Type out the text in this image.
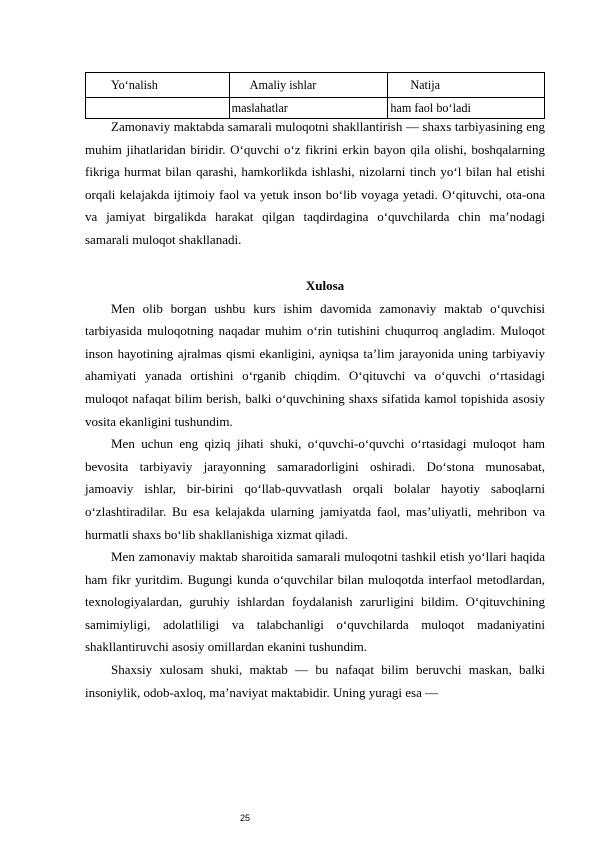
Yo‘nalish	Amaliy ishlar	Natija
	maslahatlar	ham faol bo‘ladi

Zamonaviy maktabda samarali muloqotni shakllantirish — shaxs tarbiyasining eng muhim jihatlaridan biridir. O‘quvchi o‘z fikrini erkin bayon qila olishi, boshqalarning fikriga hurmat bilan qarashi, hamkorlikda ishlashi, nizolarni tinch yo‘l bilan hal etishi orqali kelajakda ijtimoiy faol va yetuk inson bo‘lib voyaga yetadi. O‘qituvchi, ota-ona va jamiyat birgalikda harakat qilgan taqdirdagina o‘quvchilarda chin ma’nodagi samarali muloqot shakllanadi.

Xulosa

Men olib borgan ushbu kurs ishim davomida zamonaviy maktab o‘quvchisi tarbiyasida muloqotning naqadar muhim o‘rin tutishini chuqurroq angladim. Muloqot inson hayotining ajralmas qismi ekanligini, ayniqsa ta’lim jarayonida uning tarbiyaviy ahamiyati yanada ortishini o‘rganib chiqdim. O‘qituvchi va o‘quvchi o‘rtasidagi muloqot nafaqat bilim berish, balki o‘quvchining shaxs sifatida kamol topishida asosiy vosita ekanligini tushundim.

Men uchun eng qiziq jihati shuki, o‘quvchi-o‘quvchi o‘rtasidagi muloqot ham bevosita tarbiyaviy jarayonning samaradorligini oshiradi. Do‘stona munosabat, jamoaviy ishlar, bir-birini qo‘llab-quvvatlash orqali bolalar hayotiy saboqlarni o‘zlashtiradilar. Bu esa kelajakda ularning jamiyatda faol, mas’uliyatli, mehribon va hurmatli shaxs bo‘lib shakllanishiga xizmat qiladi.

Men zamonaviy maktab sharoitida samarali muloqotni tashkil etish yo‘llari haqida ham fikr yuritdim. Bugungi kunda o‘quvchilar bilan muloqotda interfaol metodlardan, texnologiyalardan, guruhiy ishlardan foydalanish zarurligini bildim. O‘qituvchining samimiyligi, adolatliligi va talabchanligi o‘quvchilarda muloqot madaniyatini shakllantiruvchi asosiy omillardan ekanini tushundim.

Shaxsiy xulosam shuki, maktab — bu nafaqat bilim beruvchi maskan, balki insoniylik, odob-axloq, ma’naviyat maktabidir. Uning yuragi esa —

25
